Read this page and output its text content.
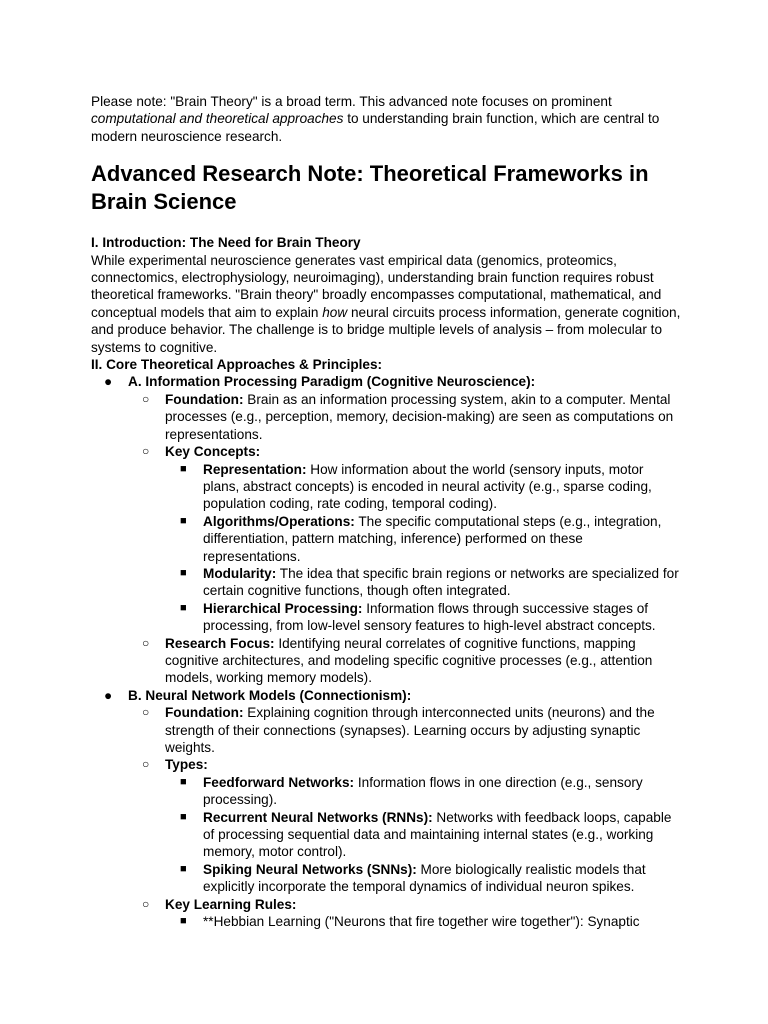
Please note: "Brain Theory" is a broad term. This advanced note focuses on prominent computational and theoretical approaches to understanding brain function, which are central to modern neuroscience research.

Advanced Research Note: Theoretical Frameworks in Brain Science

I. Introduction: The Need for Brain Theory

While experimental neuroscience generates vast empirical data (genomics, proteomics, connectomics, electrophysiology, neuroimaging), understanding brain function requires robust theoretical frameworks. "Brain theory" broadly encompasses computational, mathematical, and conceptual models that aim to explain how neural circuits process information, generate cognition, and produce behavior. The challenge is to bridge multiple levels of analysis – from molecular to systems to cognitive.

II. Core Theoretical Approaches & Principles:

● A. Information Processing Paradigm (Cognitive Neuroscience):
○ Foundation: Brain as an information processing system, akin to a computer. Mental processes (e.g., perception, memory, decision-making) are seen as computations on representations.
○ Key Concepts:
■ Representation: How information about the world (sensory inputs, motor plans, abstract concepts) is encoded in neural activity (e.g., sparse coding, population coding, rate coding, temporal coding).
■ Algorithms/Operations: The specific computational steps (e.g., integration, differentiation, pattern matching, inference) performed on these representations.
■ Modularity: The idea that specific brain regions or networks are specialized for certain cognitive functions, though often integrated.
■ Hierarchical Processing: Information flows through successive stages of processing, from low-level sensory features to high-level abstract concepts.
○ Research Focus: Identifying neural correlates of cognitive functions, mapping cognitive architectures, and modeling specific cognitive processes (e.g., attention models, working memory models).
● B. Neural Network Models (Connectionism):
○ Foundation: Explaining cognition through interconnected units (neurons) and the strength of their connections (synapses). Learning occurs by adjusting synaptic weights.
○ Types:
■ Feedforward Networks: Information flows in one direction (e.g., sensory processing).
■ Recurrent Neural Networks (RNNs): Networks with feedback loops, capable of processing sequential data and maintaining internal states (e.g., working memory, motor control).
■ Spiking Neural Networks (SNNs): More biologically realistic models that explicitly incorporate the temporal dynamics of individual neuron spikes.
○ Key Learning Rules:
■ **Hebbian Learning ("Neurons that fire together wire together"): Synaptic
